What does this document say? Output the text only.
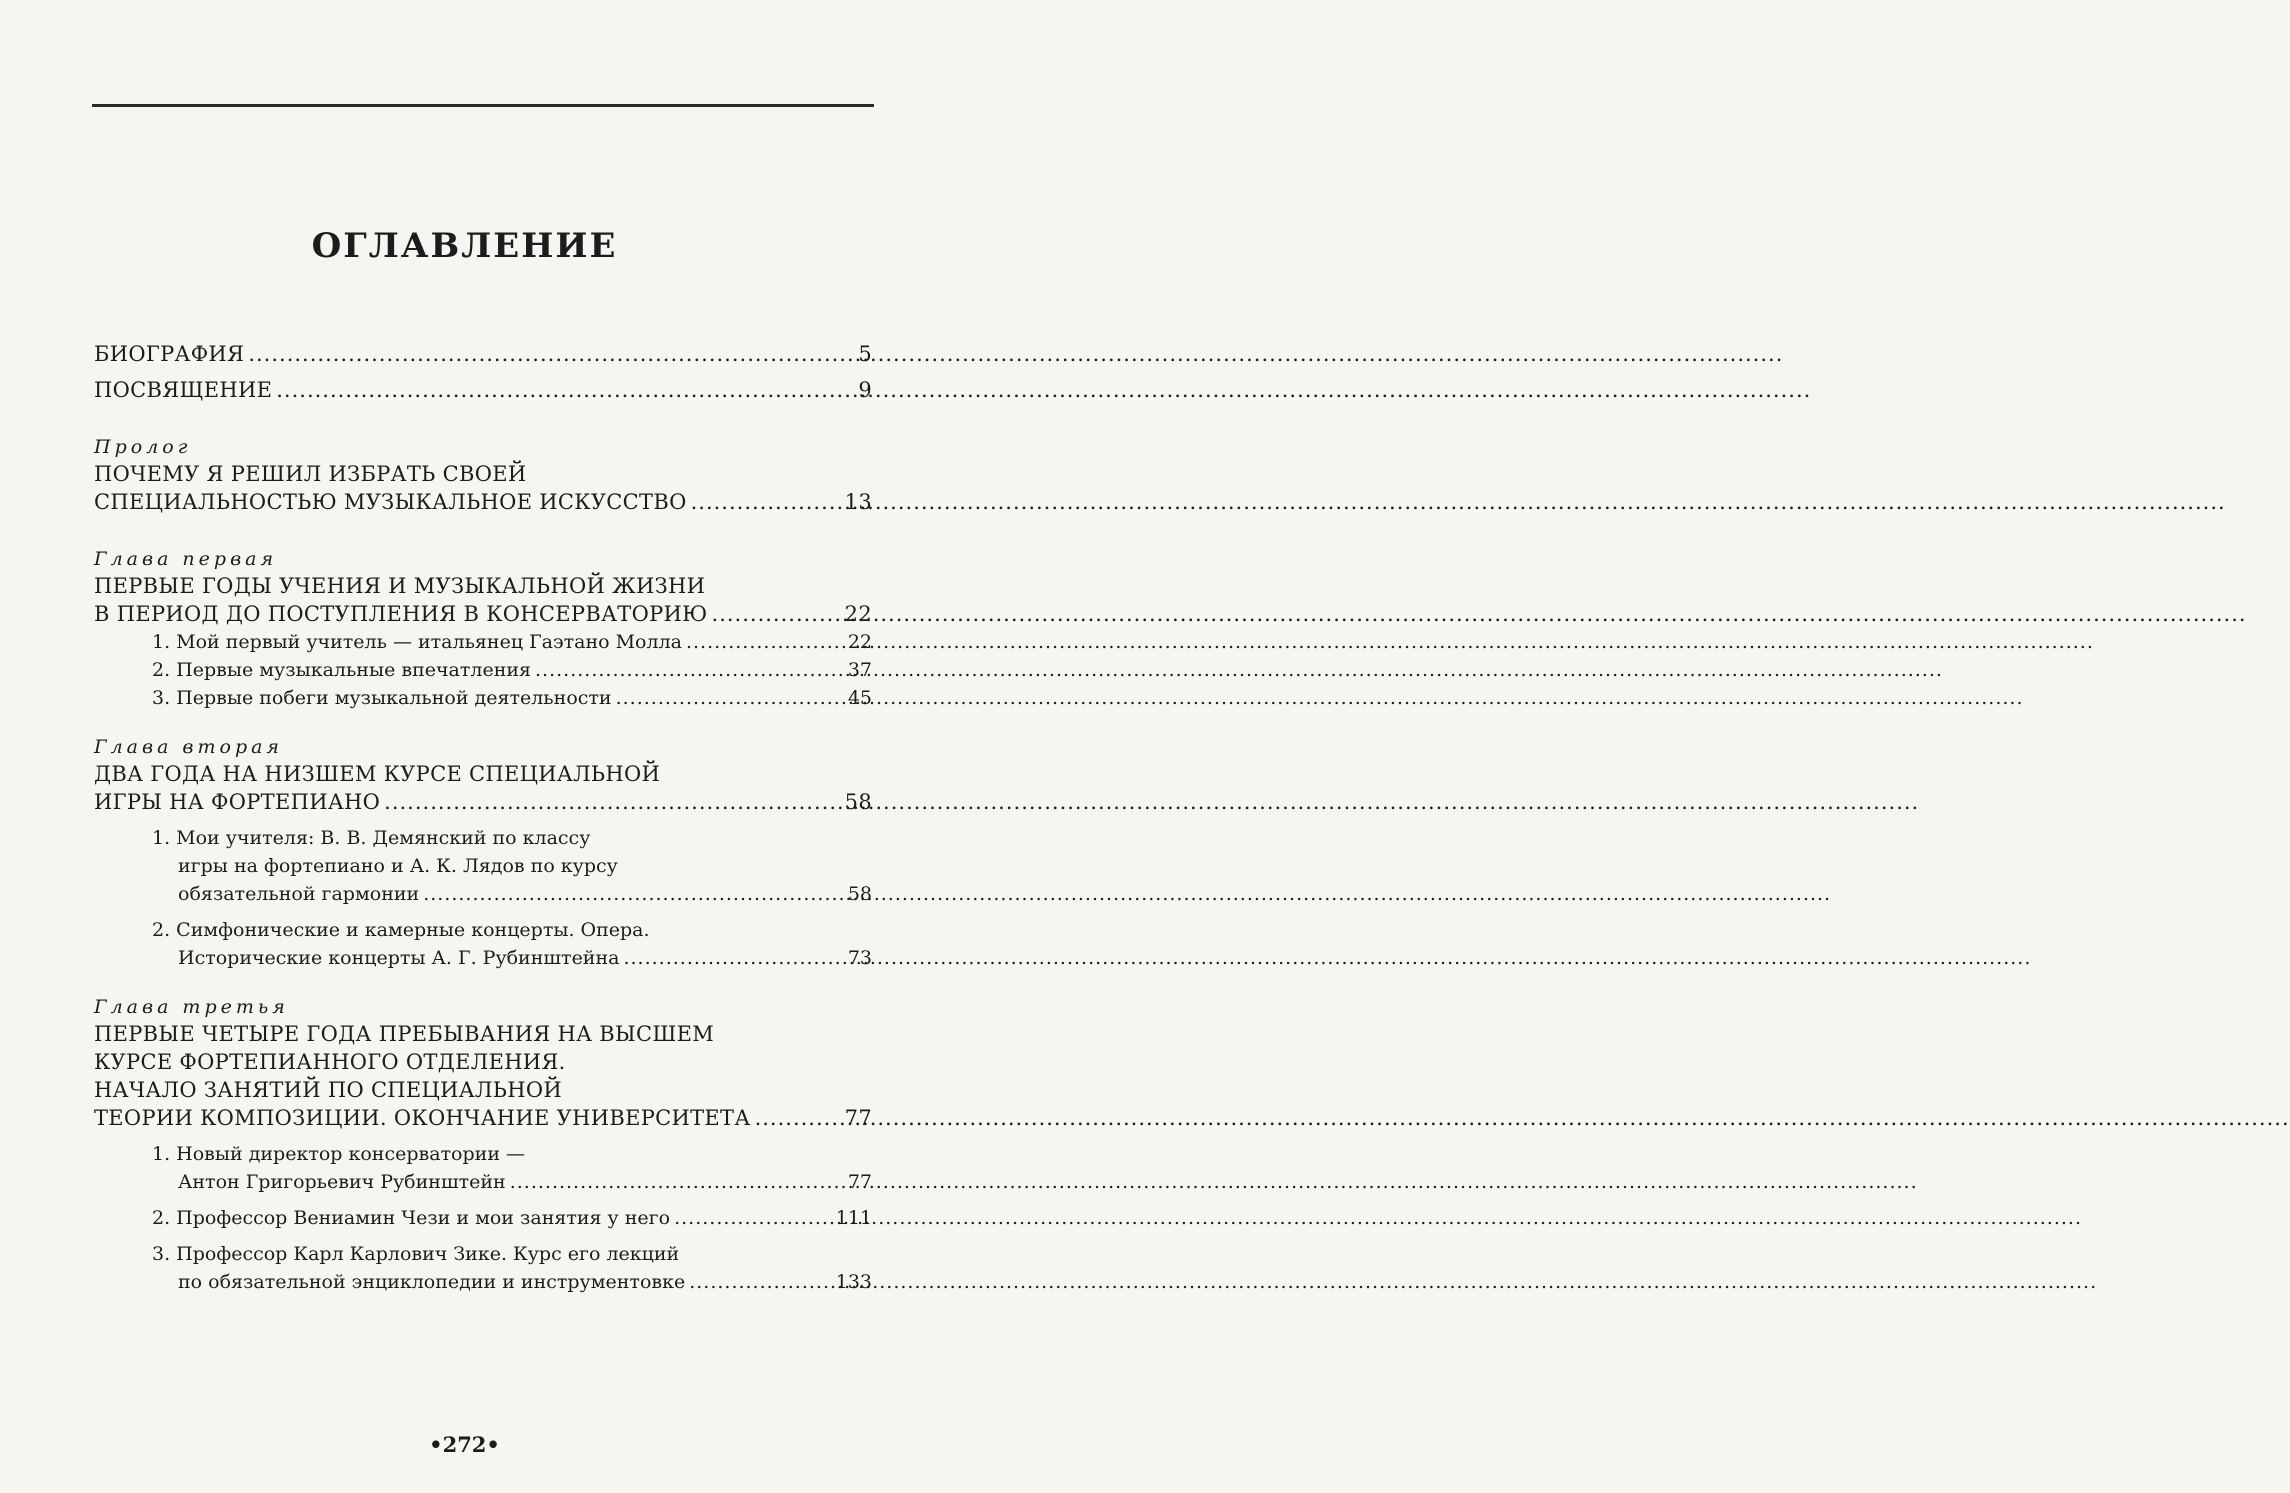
ОГЛАВЛЕНИЕ
БИОГРАФИЯ .....	5
ПОСВЯЩЕНИЕ .....	9
Пролог
ПОЧЕМУ Я РЕШИЛ ИЗБРАТЬ СВОЕЙ
СПЕЦИАЛЬНОСТЬЮ МУЗЫКАЛЬНОЕ ИСКУССТВО .....	13
Глава первая
ПЕРВЫЕ ГОДЫ УЧЕНИЯ И МУЗЫКАЛЬНОЙ ЖИЗНИ
В ПЕРИОД ДО ПОСТУПЛЕНИЯ В КОНСЕРВАТОРИЮ .....	22
1. Мой первый учитель — итальянец Гаэтано Молла .....	22
2. Первые музыкальные впечатления .....	37
3. Первые побеги музыкальной деятельности .....	45
Глава вторая
ДВА ГОДА НА НИЗШЕМ КУРСЕ СПЕЦИАЛЬНОЙ
ИГРЫ НА ФОРТЕПИАНО .....	58
1. Мои учителя: В. В. Демянский по классу
игры на фортепиано и А. К. Лядов по курсу
обязательной гармонии .....	58
2. Симфонические и камерные концерты. Опера.
Исторические концерты А. Г. Рубинштейна .....	73
Глава третья
ПЕРВЫЕ ЧЕТЫРЕ ГОДА ПРЕБЫВАНИЯ НА ВЫСШЕМ
КУРСЕ ФОРТЕПИАННОГО ОТДЕЛЕНИЯ.
НАЧАЛО ЗАНЯТИЙ ПО СПЕЦИАЛЬНОЙ
ТЕОРИИ КОМПОЗИЦИИ. ОКОНЧАНИЕ УНИВЕРСИТЕТА .....	77
1. Новый директор консерватории —
Антон Григорьевич Рубинштейн .....	77
2. Профессор Вениамин Чези и мои занятия у него .....	111
3. Профессор Карл Карлович Зике. Курс его лекций
по обязательной энциклопедии и инструментовке .....	133
•272•
